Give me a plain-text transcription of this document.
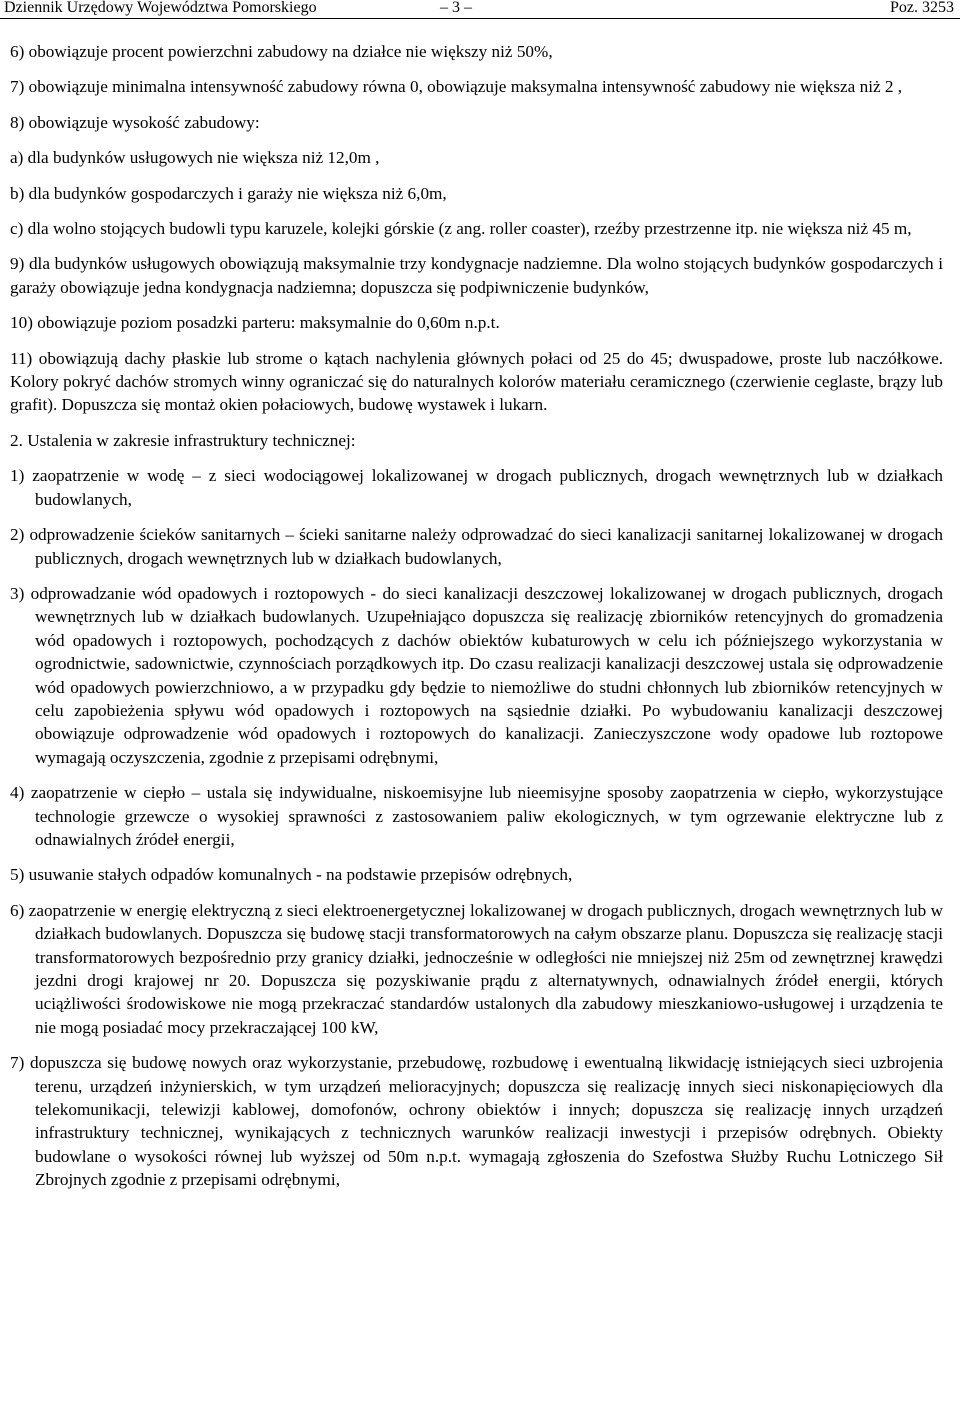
Dziennik Urzędowy Województwa Pomorskiego	– 3 –	Poz. 3253
6) obowiązuje procent powierzchni zabudowy na działce nie większy niż 50%,
7) obowiązuje minimalna intensywność zabudowy równa 0, obowiązuje maksymalna intensywność zabudowy nie większa niż 2 ,
8) obowiązuje wysokość zabudowy:
a) dla budynków usługowych nie większa niż 12,0m ,
b) dla budynków gospodarczych i garaży nie większa niż 6,0m,
c) dla wolno stojących budowli typu karuzele, kolejki górskie (z ang. roller coaster), rzeźby przestrzenne itp. nie większa niż 45 m,
9) dla budynków usługowych obowiązują maksymalnie trzy kondygnacje nadziemne. Dla wolno stojących budynków gospodarczych i garaży obowiązuje jedna kondygnacja nadziemna; dopuszcza się podpiwniczenie budynków,
10) obowiązuje poziom posadzki parteru: maksymalnie do 0,60m n.p.t.
11) obowiązują dachy płaskie lub strome o kątach nachylenia głównych połaci od 25 do 45; dwuspadowe, proste lub naczółkowe. Kolory pokryć dachów stromych winny ograniczać się do naturalnych kolorów materiału ceramicznego (czerwienie ceglaste, brązy lub grafit). Dopuszcza się montaż okien połaciowych, budowę wystawek i lukarn.
2. Ustalenia w zakresie infrastruktury technicznej:
1) zaopatrzenie w wodę – z sieci wodociągowej lokalizowanej w drogach publicznych, drogach wewnętrznych lub w działkach budowlanych,
2) odprowadzenie ścieków sanitarnych – ścieki sanitarne należy odprowadzać do sieci kanalizacji sanitarnej lokalizowanej w drogach publicznych, drogach wewnętrznych lub w działkach budowlanych,
3) odprowadzanie wód opadowych i roztopowych - do sieci kanalizacji deszczowej lokalizowanej w drogach publicznych, drogach wewnętrznych lub w działkach budowlanych. Uzupełniająco dopuszcza się realizację zbiorników retencyjnych do gromadzenia wód opadowych i roztopowych, pochodzących z dachów obiektów kubaturowych w celu ich późniejszego wykorzystania w ogrodnictwie, sadownictwie, czynnościach porządkowych itp. Do czasu realizacji kanalizacji deszczowej ustala się odprowadzenie wód opadowych powierzchniowo, a w przypadku gdy będzie to niemożliwe do studni chłonnych lub zbiorników retencyjnych w celu zapobieżenia spływu wód opadowych i roztopowych na sąsiednie działki. Po wybudowaniu kanalizacji deszczowej obowiązuje odprowadzenie wód opadowych i roztopowych do kanalizacji. Zanieczyszczone wody opadowe lub roztopowe wymagają oczyszczenia, zgodnie z przepisami odrębnymi,
4) zaopatrzenie w ciepło – ustala się indywidualne, niskoemisyjne lub nieemisyjne sposoby zaopatrzenia w ciepło, wykorzystujące technologie grzewcze o wysokiej sprawności z zastosowaniem paliw ekologicznych, w tym ogrzewanie elektryczne lub z odnawialnych źródeł energii,
5) usuwanie stałych odpadów komunalnych - na podstawie przepisów odrębnych,
6) zaopatrzenie w energię elektryczną z sieci elektroenergetycznej lokalizowanej w drogach publicznych, drogach wewnętrznych lub w działkach budowlanych. Dopuszcza się budowę stacji transformatorowych na całym obszarze planu. Dopuszcza się realizację stacji transformatorowych bezpośrednio przy granicy działki, jednocześnie w odległości nie mniejszej niż 25m od zewnętrznej krawędzi jezdni drogi krajowej nr 20. Dopuszcza się pozyskiwanie prądu z alternatywnych, odnawialnych źródeł energii, których uciążliwości środowiskowe nie mogą przekraczać standardów ustalonych dla zabudowy mieszkaniowo-usługowej i urządzenia te nie mogą posiadać mocy przekraczającej 100 kW,
7) dopuszcza się budowę nowych oraz wykorzystanie, przebudowę, rozbudowę i ewentualną likwidację istniejących sieci uzbrojenia terenu, urządzeń inżynierskich, w tym urządzeń melioracyjnych; dopuszcza się realizację innych sieci niskonapięciowych dla telekomunikacji, telewizji kablowej, domofonów, ochrony obiektów i innych; dopuszcza się realizację innych urządzeń infrastruktury technicznej, wynikających z technicznych warunków realizacji inwestycji i przepisów odrębnych. Obiekty budowlane o wysokości równej lub wyższej od 50m n.p.t. wymagają zgłoszenia do Szefostwa Służby Ruchu Lotniczego Sił Zbrojnych zgodnie z przepisami odrębnymi,
